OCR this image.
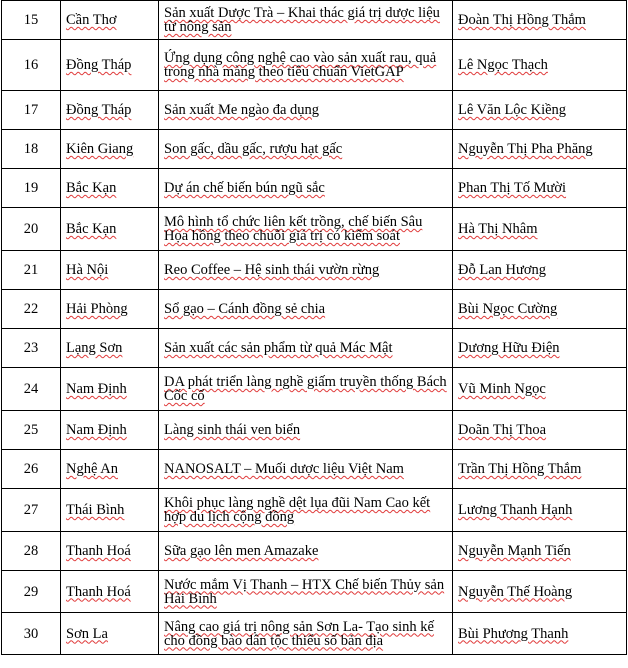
15	Cần Thơ	Sản xuất Dược Trà – Khai thác giá trị dược liệu từ nông sản	Đoàn Thị Hồng Thắm
16	Đồng Tháp	Ứng dụng công nghệ cao vào sản xuất rau, quả trong nhà màng theo tiêu chuẩn VietGAP	Lê Ngọc Thạch
17	Đồng Tháp	Sản xuất Me ngào đa dụng	Lê Văn Lộc Kiềng
18	Kiên Giang	Son gấc, dầu gấc, rượu hạt gấc	Nguyễn Thị Pha Phăng
19	Bắc Kạn	Dự án chế biến bún ngũ sắc	Phan Thị Tố Mười
20	Bắc Kạn	Mô hình tổ chức liên kết trồng, chế biến Sâu Họa hồng theo chuỗi giá trị có kiểm soát	Hà Thị Nhâm
21	Hà Nội	Reo Coffee – Hệ sinh thái vườn rừng	Đỗ Lan Hương
22	Hải Phòng	Sổ gạo – Cánh đồng sẻ chia	Bùi Ngọc Cường
23	Lạng Sơn	Sản xuất các sản phẩm từ quả Mác Mật	Dương Hữu Điện
24	Nam Định	DA phát triển làng nghề giấm truyền thống Bách Cốc cổ	Vũ Minh Ngọc
25	Nam Định	Làng sinh thái ven biển	Doãn Thị Thoa
26	Nghệ An	NANOSALT – Muối dược liệu Việt Nam	Trần Thị Hồng Thắm
27	Thái Bình	Khôi phục làng nghề dệt lụa đũi Nam Cao kết hợp du lịch cộng đồng	Lương Thanh Hạnh
28	Thanh Hoá	Sữa gạo lên men Amazake	Nguyễn Mạnh Tiến
29	Thanh Hoá	Nước mắm Vị Thanh – HTX Chế biến Thủy sản Hải Bình	Nguyễn Thế Hoàng
30	Sơn La	Nâng cao giá trị nông sản Sơn La- Tạo sinh kế cho đồng bào dân tộc thiểu số bản địa	Bùi Phương Thanh
